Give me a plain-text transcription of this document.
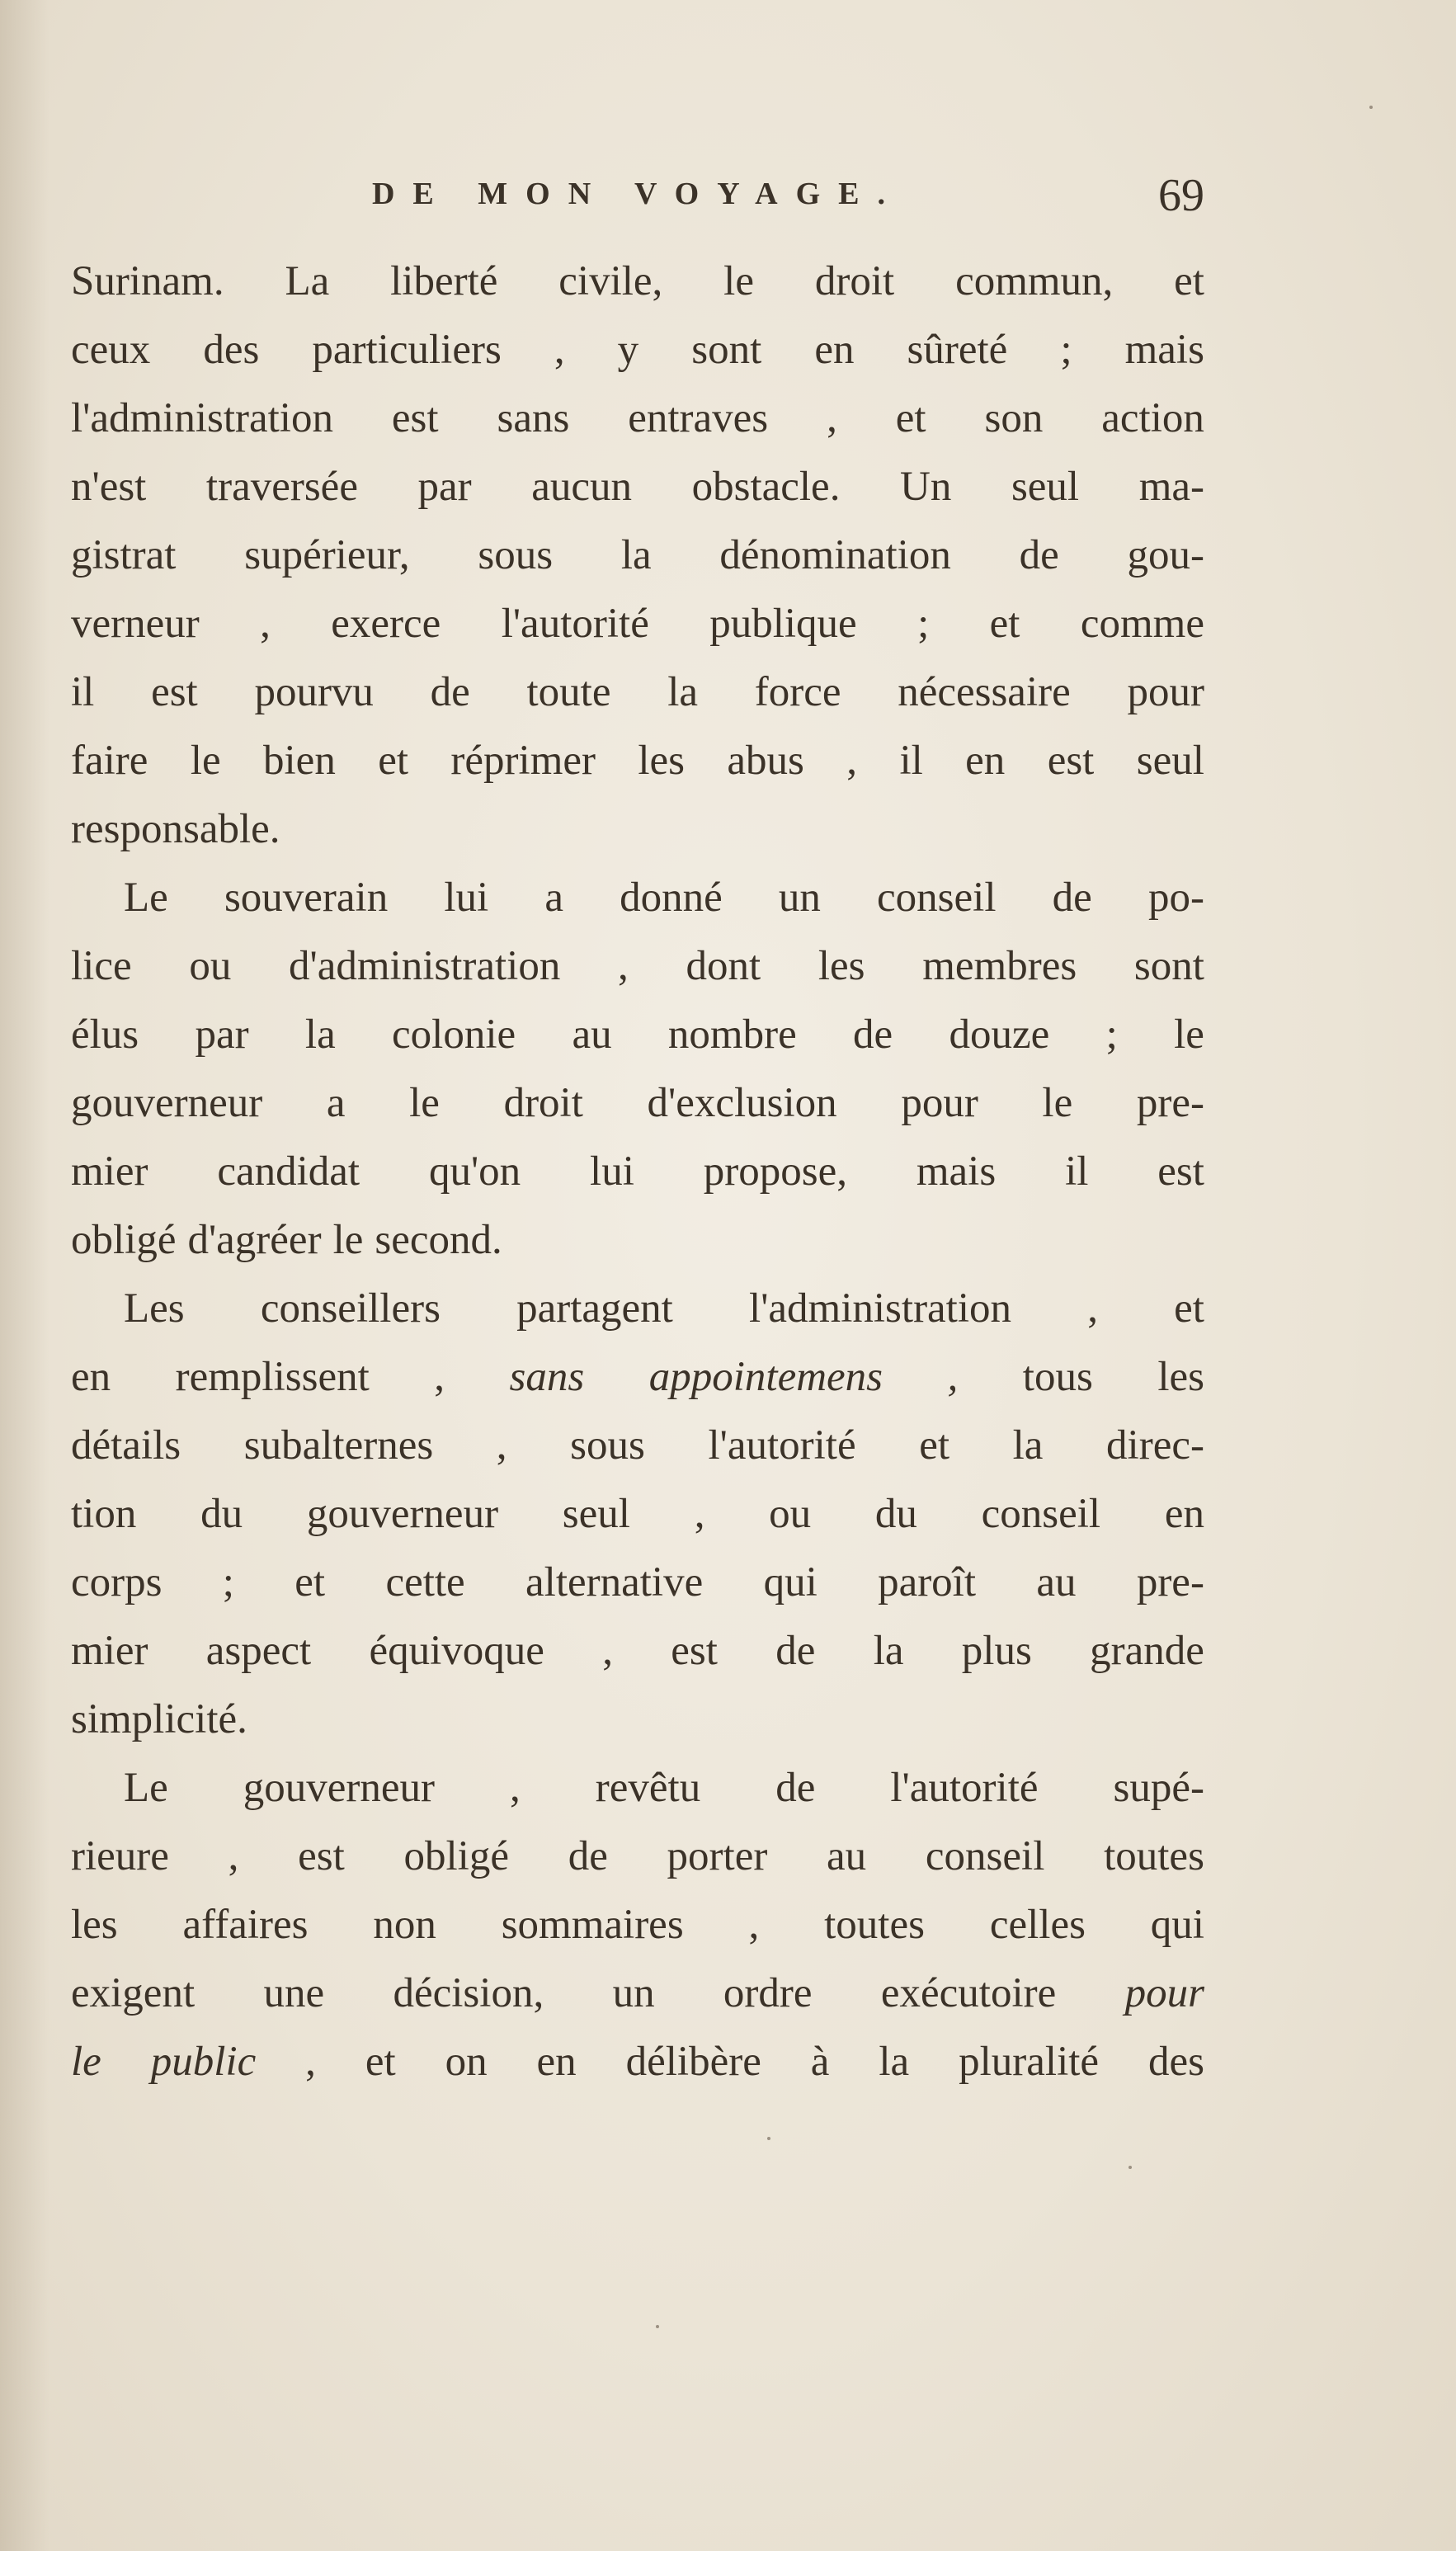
DE MON VOYAGE.	69
Surinam. La liberté civile, le droit commun, et
ceux des particuliers , y sont en sûreté ; mais
l'administration est sans entraves , et son action
n'est traversée par aucun obstacle. Un seul ma-
gistrat supérieur, sous la dénomination de gou-
verneur , exerce l'autorité publique ; et comme
il est pourvu de toute la force nécessaire pour
faire le bien et réprimer les abus , il en est seul
responsable.
Le souverain lui a donné un conseil de po-
lice ou d'administration , dont les membres sont
élus par la colonie au nombre de douze ; le
gouverneur a le droit d'exclusion pour le pre-
mier candidat qu'on lui propose, mais il est
obligé d'agréer le second.
Les conseillers partagent l'administration , et
en remplissent , sans appointemens , tous les
détails subalternes , sous l'autorité et la direc-
tion du gouverneur seul , ou du conseil en
corps ; et cette alternative qui paroît au pre-
mier aspect équivoque , est de la plus grande
simplicité.
Le gouverneur , revêtu de l'autorité supé-
rieure , est obligé de porter au conseil toutes
les affaires non sommaires , toutes celles qui
exigent une décision, un ordre exécutoire pour
le public , et on en délibère à la pluralité des
